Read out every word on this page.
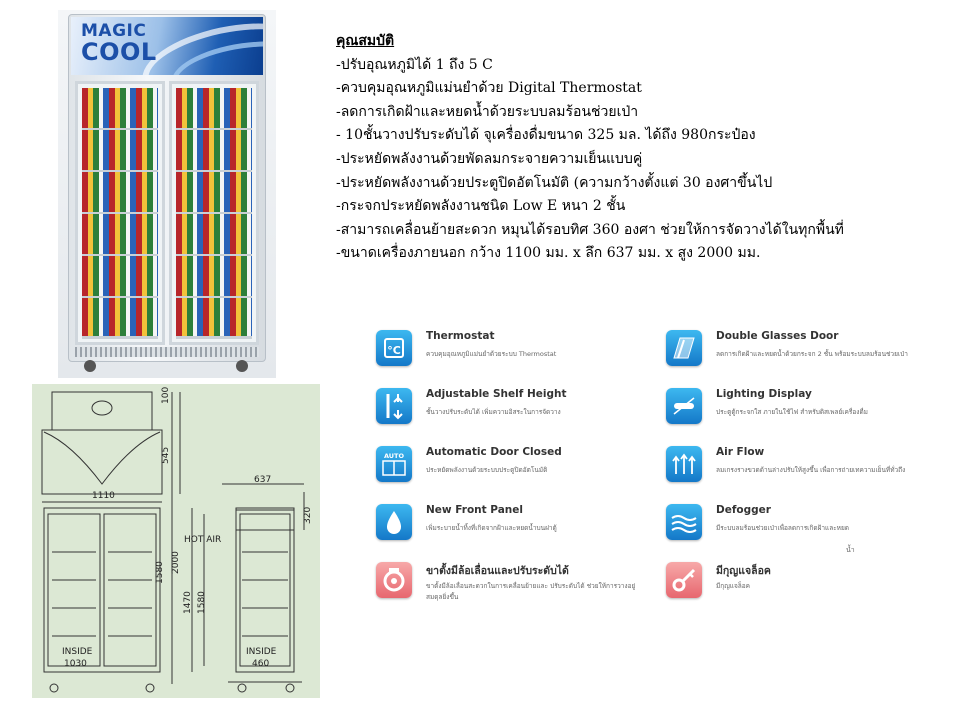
MAGIC
COOL
1110
100
545
2000
1470 1580
1580
INSIDE
1030
637
320
INSIDE
460
HOT AIR

คุณสมบัติ

-ปรับอุณหภูมิได้ 1 ถึง 5 C

-ควบคุมอุณหภูมิแม่นยำด้วย Digital Thermostat

-ลดการเกิดฝ้าและหยดน้ำด้วยระบบลมร้อนช่วยเป่า

- 10ชั้นวางปรับระดับได้ จุเครื่องดื่มขนาด 325 มล. ได้ถึง 980กระป๋อง

-ประหยัดพลังงานด้วยพัดลมกระจายความเย็นแบบคู่

-ประหยัดพลังงานด้วยประตูปิดอัตโนมัติ (ความกว้างตั้งแต่ 30 องศาขึ้นไป

-กระจกประหยัดพลังงานชนิด Low E หนา 2 ชั้น

-สามารถเคลื่อนย้ายสะดวก หมุนได้รอบทิศ 360 องศา ช่วยให้การจัดวางได้ในทุกพื้นที่

-ขนาดเครื่องภายนอก กว้าง 1100 มม. x ลึก 637 มม. x สูง 2000 มม.

°C
Thermostat
ควบคุมอุณหภูมิแม่นยำด้วยระบบ Thermostat
Double Glasses Door
ลดการเกิดฝ้าและหยดน้ำด้วยกระจก 2 ชั้น พร้อมระบบลมร้อนช่วยเป่า
Adjustable Shelf Height
ชั้นวางปรับระดับได้ เพิ่มความอิสระในการจัดวาง
Lighting Display
ประตูตู้กระจกใส ภายในใช้ไฟ สำหรับดิสเพลย์เครื่องดื่ม
AUTO Automatic Door Closed
ประหยัดพลังงานด้วยระบบประตูปิดอัตโนมัติ
Air Flow
ลมเกรงรางขวดด้านล่างปรับให้สูงขึ้น เพื่อการถ่ายเทความเย็นที่ทั่วถึง
New Front Panel
เพิ่มระบายน้ำทิ้งที่เกิดจากฝ้าและหยดน้ำบนฝาตู้
Defogger
มีระบบลมร้อนช่วยเป่าเพื่อลดการเกิดฝ้าและหยด
น้ำ
ขาตั้งมีล้อเลื่อนและปรับระดับได้
ขาตั้งมีล้อเลื่อนสะดวกในการเคลื่อนย้ายและ ปรับระดับได้ ช่วยให้การวางอยู่สมดุลยิ่งขึ้น
มีกุญแจล็อค
มีกุญแจล็อค
